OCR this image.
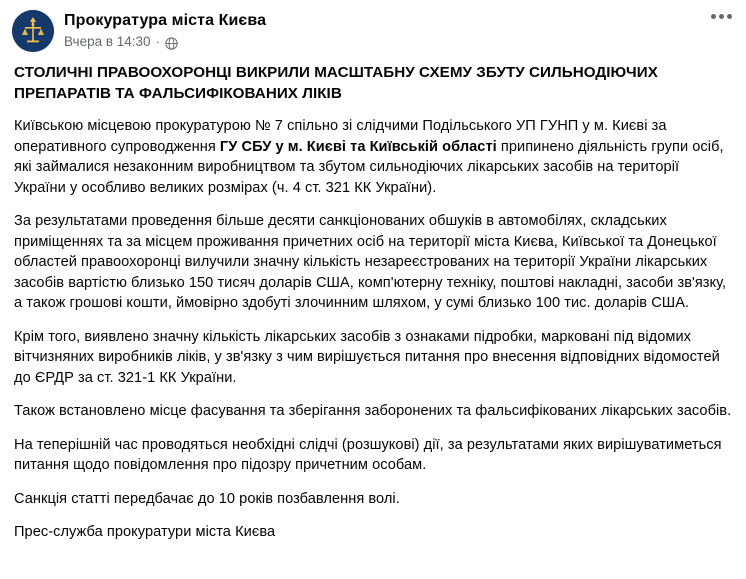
Прокуратура міста Києва
Вчера в 14:30 ·
СТОЛИЧНІ ПРАВООХОРОНЦІ ВИКРИЛИ МАСШТАБНУ СХЕМУ ЗБУТУ СИЛЬНОДІЮЧИХ ПРЕПАРАТІВ ТА ФАЛЬСИФІКОВАНИХ ЛІКІВ
Київською місцевою прокуратурою № 7 спільно зі слідчими Подільського УП ГУНП у м. Києві за оперативного супроводження ГУ СБУ у м. Києві та Київській області припинено діяльність групи осіб, які займалися незаконним виробництвом та збутом сильнодіючих лікарських засобів на території України у особливо великих розмірах (ч. 4 ст. 321 КК України).
За результатами проведення більше десяти санкціонованих обшуків в автомобілях, складських приміщеннях та за місцем проживання причетних осіб на території міста Києва, Київської та Донецької областей правоохоронці вилучили значну кількість незареєстрованих на території України лікарських засобів вартістю близько 150 тисяч доларів США, комп'ютерну техніку, поштові накладні, засоби зв'язку, а також грошові кошти, ймовірно здобуті злочинним шляхом, у сумі близько 100 тис. доларів США.
Крім того, виявлено значну кількість лікарських засобів з ознаками підробки, марковані під відомих вітчизняних виробників ліків, у зв'язку з чим вирішується питання про внесення відповідних відомостей до ЄРДР за ст. 321-1 КК України.
Також встановлено місце фасування та зберігання заборонених та фальсифікованих лікарських засобів.
На теперішній час проводяться необхідні слідчі (розшукові) дії, за результатами яких вирішуватиметься питання щодо повідомлення про підозру причетним особам.
Санкція статті передбачає до 10 років позбавлення волі.
Прес-служба прокуратури міста Києва
